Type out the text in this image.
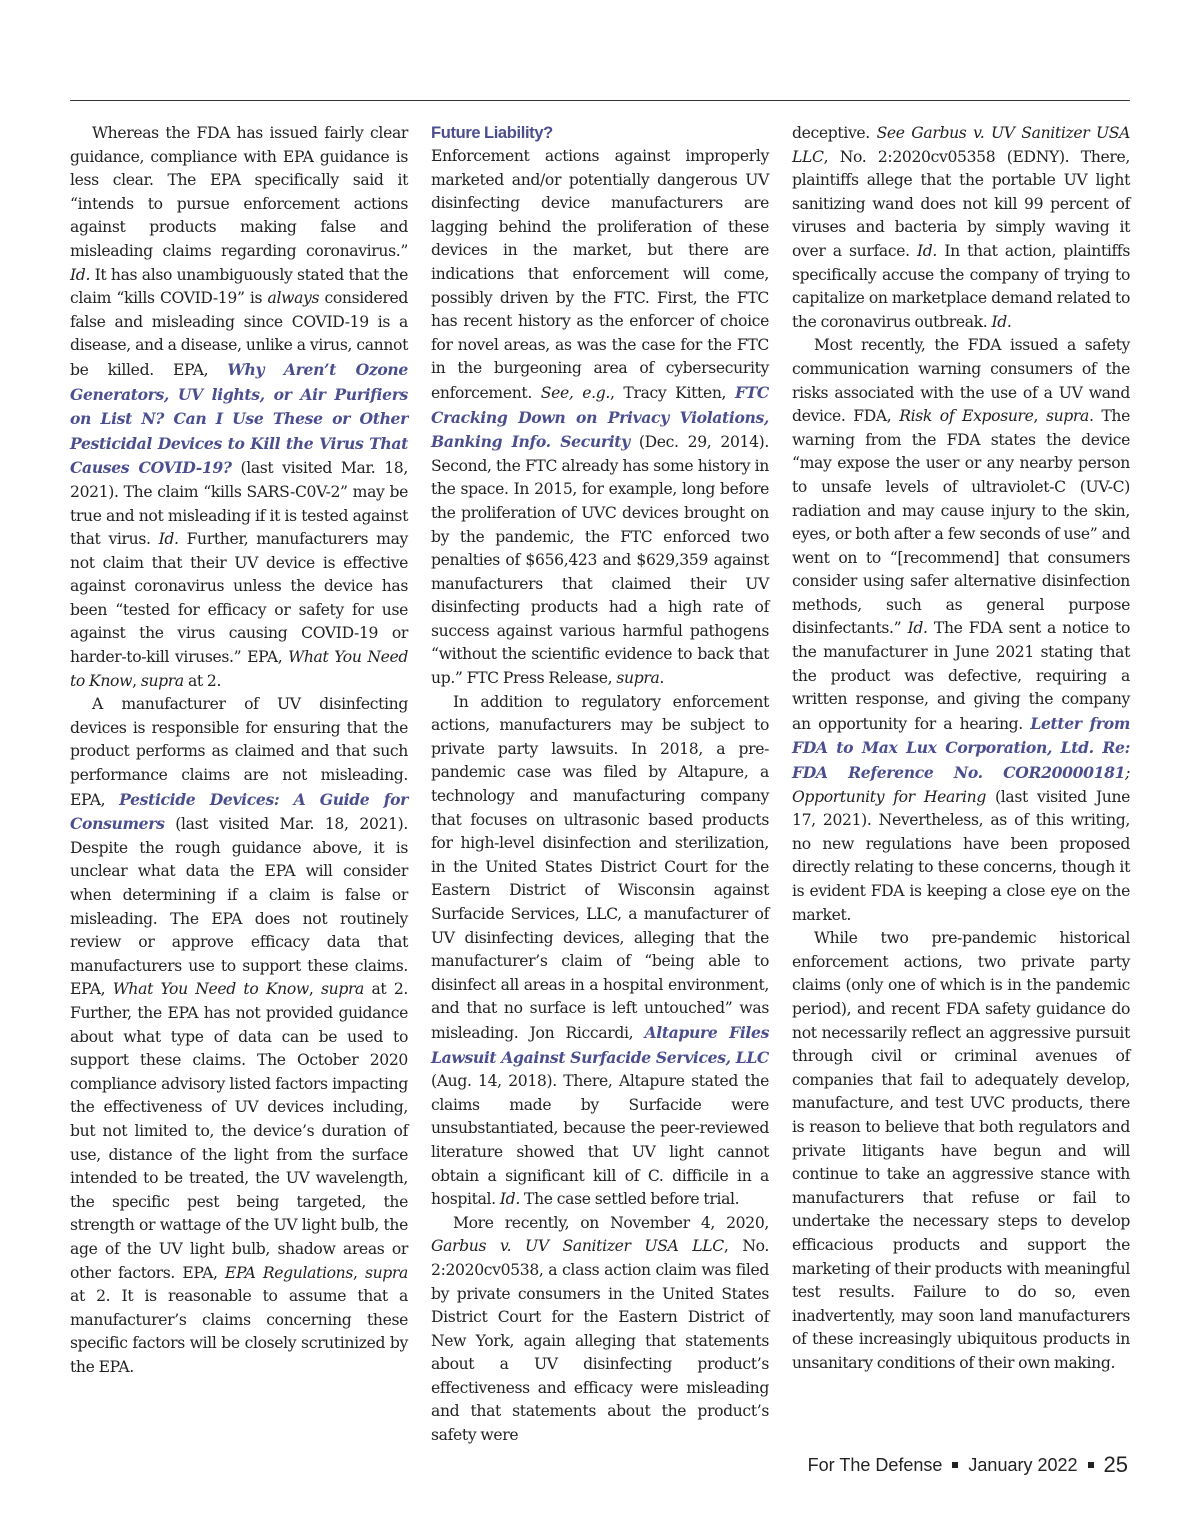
Whereas the FDA has issued fairly clear guidance, compliance with EPA guidance is less clear. The EPA specifically said it “intends to pursue enforcement actions against products making false and misleading claims regarding coronavirus.” Id. It has also unambiguously stated that the claim “kills COVID-19” is always considered false and misleading since COVID-19 is a disease, and a disease, unlike a virus, cannot be killed. EPA, Why Aren’t Ozone Generators, UV lights, or Air Purifiers on List N? Can I Use These or Other Pesticidal Devices to Kill the Virus That Causes COVID-19? (last visited Mar. 18, 2021). The claim “kills SARS-C0V-2” may be true and not misleading if it is tested against that virus. Id. Further, manufacturers may not claim that their UV device is effective against coronavirus unless the device has been “tested for efficacy or safety for use against the virus causing COVID-19 or harder-to-kill viruses.” EPA, What You Need to Know, supra at 2.

A manufacturer of UV disinfecting devices is responsible for ensuring that the product performs as claimed and that such performance claims are not misleading. EPA, Pesticide Devices: A Guide for Consumers (last visited Mar. 18, 2021). Despite the rough guidance above, it is unclear what data the EPA will consider when determining if a claim is false or misleading. The EPA does not routinely review or approve efficacy data that manufacturers use to support these claims. EPA, What You Need to Know, supra at 2. Further, the EPA has not provided guidance about what type of data can be used to support these claims. The October 2020 compliance advisory listed factors impacting the effectiveness of UV devices including, but not limited to, the device’s duration of use, distance of the light from the surface intended to be treated, the UV wavelength, the specific pest being targeted, the strength or wattage of the UV light bulb, the age of the UV light bulb, shadow areas or other factors. EPA, EPA Regulations, supra at 2. It is reasonable to assume that a manufacturer’s claims concerning these specific factors will be closely scrutinized by the EPA.

Future Liability?

Enforcement actions against improperly marketed and/or potentially dangerous UV disinfecting device manufacturers are lagging behind the proliferation of these devices in the market, but there are indications that enforcement will come, possibly driven by the FTC. First, the FTC has recent history as the enforcer of choice for novel areas, as was the case for the FTC in the burgeoning area of cybersecurity enforcement. See, e.g., Tracy Kitten, FTC Cracking Down on Privacy Violations, Banking Info. Security (Dec. 29, 2014). Second, the FTC already has some history in the space. In 2015, for example, long before the proliferation of UVC devices brought on by the pandemic, the FTC enforced two penalties of $656,423 and $629,359 against manufacturers that claimed their UV disinfecting products had a high rate of success against various harmful pathogens “without the scientific evidence to back that up.” FTC Press Release, supra.

In addition to regulatory enforcement actions, manufacturers may be subject to private party lawsuits. In 2018, a pre-pandemic case was filed by Altapure, a technology and manufacturing company that focuses on ultrasonic based products for high-level disinfection and sterilization, in the United States District Court for the Eastern District of Wisconsin against Surfacide Services, LLC, a manufacturer of UV disinfecting devices, alleging that the manufacturer’s claim of “being able to disinfect all areas in a hospital environment, and that no surface is left untouched” was misleading. Jon Riccardi, Altapure Files Lawsuit Against Surfacide Services, LLC (Aug. 14, 2018). There, Altapure stated the claims made by Surfacide were unsubstantiated, because the peer-reviewed literature showed that UV light cannot obtain a significant kill of C. difficile in a hospital. Id. The case settled before trial.

More recently, on November 4, 2020, Garbus v. UV Sanitizer USA LLC, No. 2:2020cv0538, a class action claim was filed by private consumers in the United States District Court for the Eastern District of New York, again alleging that statements about a UV disinfecting product’s effectiveness and efficacy were misleading and that statements about the product’s safety were

deceptive. See Garbus v. UV Sanitizer USA LLC, No. 2:2020cv05358 (EDNY). There, plaintiffs allege that the portable UV light sanitizing wand does not kill 99 percent of viruses and bacteria by simply waving it over a surface. Id. In that action, plaintiffs specifically accuse the company of trying to capitalize on marketplace demand related to the coronavirus outbreak. Id.

Most recently, the FDA issued a safety communication warning consumers of the risks associated with the use of a UV wand device. FDA, Risk of Exposure, supra. The warning from the FDA states the device “may expose the user or any nearby person to unsafe levels of ultraviolet-C (UV-C) radiation and may cause injury to the skin, eyes, or both after a few seconds of use” and went on to “[recommend] that consumers consider using safer alternative disinfection methods, such as general purpose disinfectants.” Id. The FDA sent a notice to the manufacturer in June 2021 stating that the product was defective, requiring a written response, and giving the company an opportunity for a hearing. Letter from FDA to Max Lux Corporation, Ltd. Re: FDA Reference No. COR20000181; Opportunity for Hearing (last visited June 17, 2021). Nevertheless, as of this writing, no new regulations have been proposed directly relating to these concerns, though it is evident FDA is keeping a close eye on the market.

While two pre-pandemic historical enforcement actions, two private party claims (only one of which is in the pandemic period), and recent FDA safety guidance do not necessarily reflect an aggressive pursuit through civil or criminal avenues of companies that fail to adequately develop, manufacture, and test UVC products, there is reason to believe that both regulators and private litigants have begun and will continue to take an aggressive stance with manufacturers that refuse or fail to undertake the necessary steps to develop efficacious products and support the marketing of their products with meaningful test results. Failure to do so, even inadvertently, may soon land manufacturers of these increasingly ubiquitous products in unsanitary conditions of their own making.

For The Defense January 2022 25
